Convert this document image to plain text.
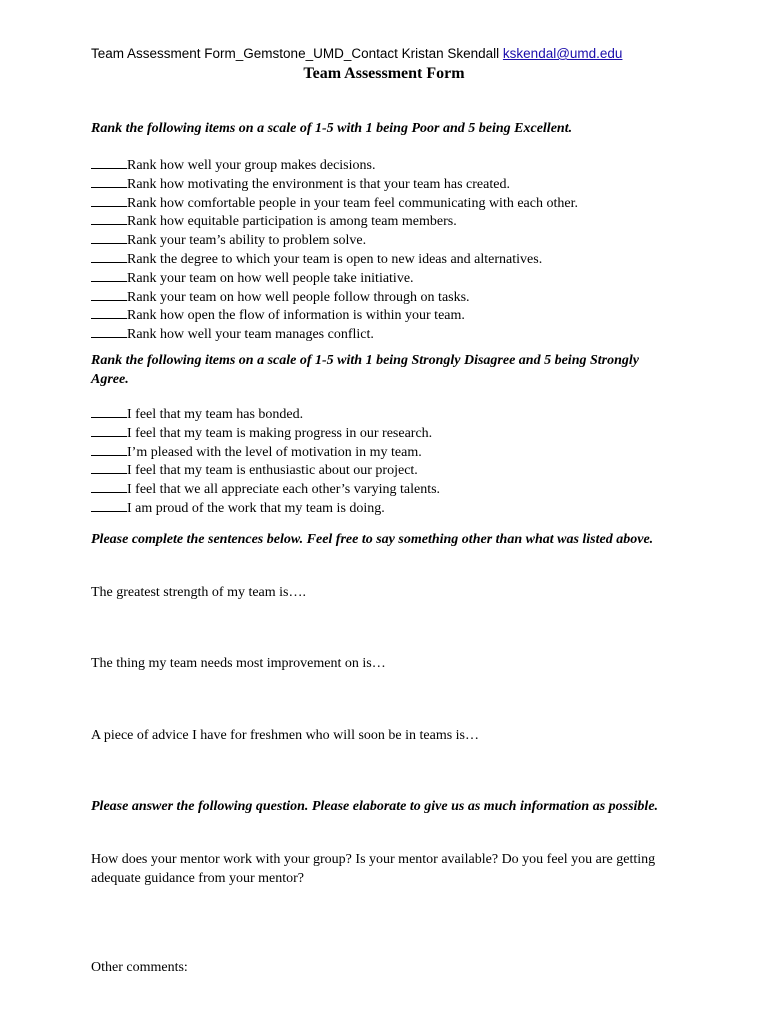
Team Assessment Form_Gemstone_UMD_Contact Kristan Skendall kskendal@umd.edu
Team Assessment Form
Rank the following items on a scale of 1-5 with 1 being Poor and 5 being Excellent.
Rank how well your group makes decisions.
Rank how motivating the environment is that your team has created.
Rank how comfortable people in your team feel communicating with each other.
Rank how equitable participation is among team members.
Rank your team’s ability to problem solve.
Rank the degree to which your team is open to new ideas and alternatives.
Rank your team on how well people take initiative.
Rank your team on how well people follow through on tasks.
Rank how open the flow of information is within your team.
Rank how well your team manages conflict.
Rank the following items on a scale of 1-5 with 1 being Strongly Disagree and 5 being Strongly Agree.
I feel that my team has bonded.
I feel that my team is making progress in our research.
I’m pleased with the level of motivation in my team.
I feel that my team is enthusiastic about our project.
I feel that we all appreciate each other’s varying talents.
I am proud of the work that my team is doing.
Please complete the sentences below. Feel free to say something other than what was listed above.
The greatest strength of my team is….
The thing my team needs most improvement on is…
A piece of advice I have for freshmen who will soon be in teams is…
Please answer the following question. Please elaborate to give us as much information as possible.
How does your mentor work with your group? Is your mentor available? Do you feel you are getting adequate guidance from your mentor?
Other comments:
